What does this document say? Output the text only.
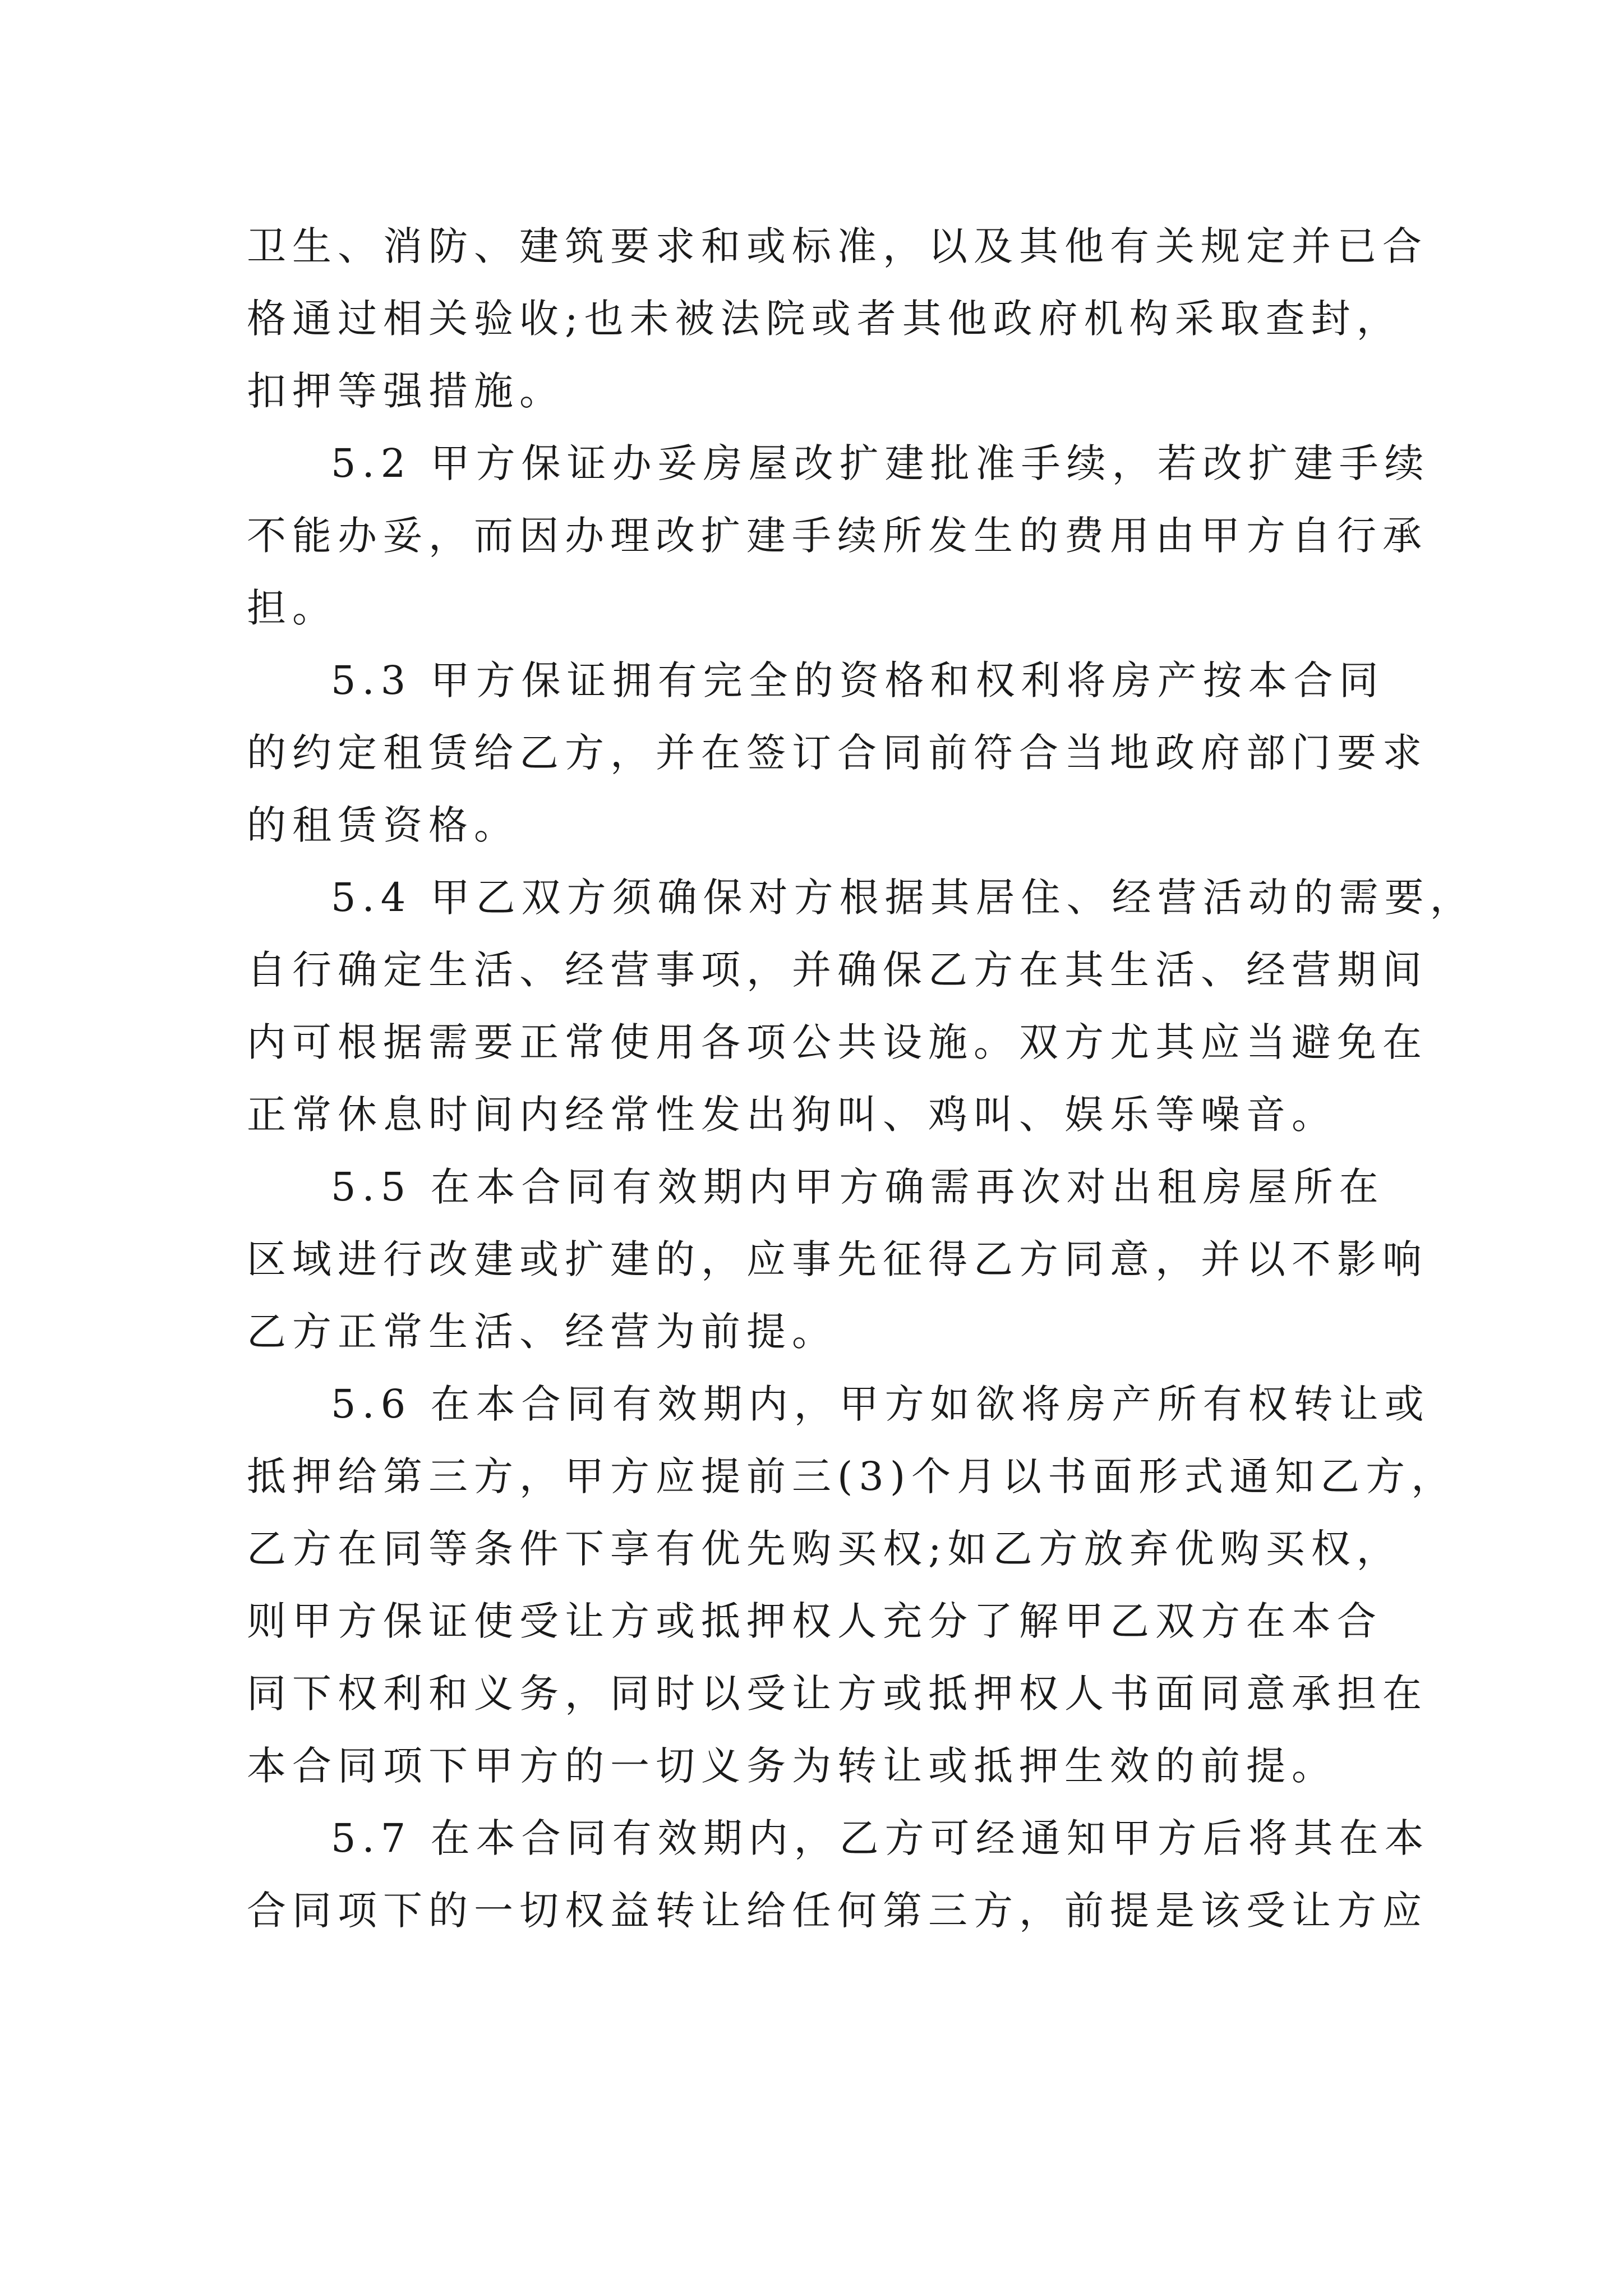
卫生、消防、建筑要求和或标准，以及其他有关规定并已合
格通过相关验收;也未被法院或者其他政府机构采取查封，
扣押等强措施。
5.2 甲方保证办妥房屋改扩建批准手续，若改扩建手续
不能办妥，而因办理改扩建手续所发生的费用由甲方自行承
担。
5.3 甲方保证拥有完全的资格和权利将房产按本合同
的约定租赁给乙方，并在签订合同前符合当地政府部门要求
的租赁资格。
5.4 甲乙双方须确保对方根据其居住、经营活动的需要，
自行确定生活、经营事项，并确保乙方在其生活、经营期间
内可根据需要正常使用各项公共设施。双方尤其应当避免在
正常休息时间内经常性发出狗叫、鸡叫、娱乐等噪音。
5.5 在本合同有效期内甲方确需再次对出租房屋所在
区域进行改建或扩建的，应事先征得乙方同意，并以不影响
乙方正常生活、经营为前提。
5.6 在本合同有效期内，甲方如欲将房产所有权转让或
抵押给第三方，甲方应提前三(3)个月以书面形式通知乙方，
乙方在同等条件下享有优先购买权;如乙方放弃优购买权，
则甲方保证使受让方或抵押权人充分了解甲乙双方在本合
同下权利和义务，同时以受让方或抵押权人书面同意承担在
本合同项下甲方的一切义务为转让或抵押生效的前提。
5.7 在本合同有效期内，乙方可经通知甲方后将其在本
合同项下的一切权益转让给任何第三方，前提是该受让方应
